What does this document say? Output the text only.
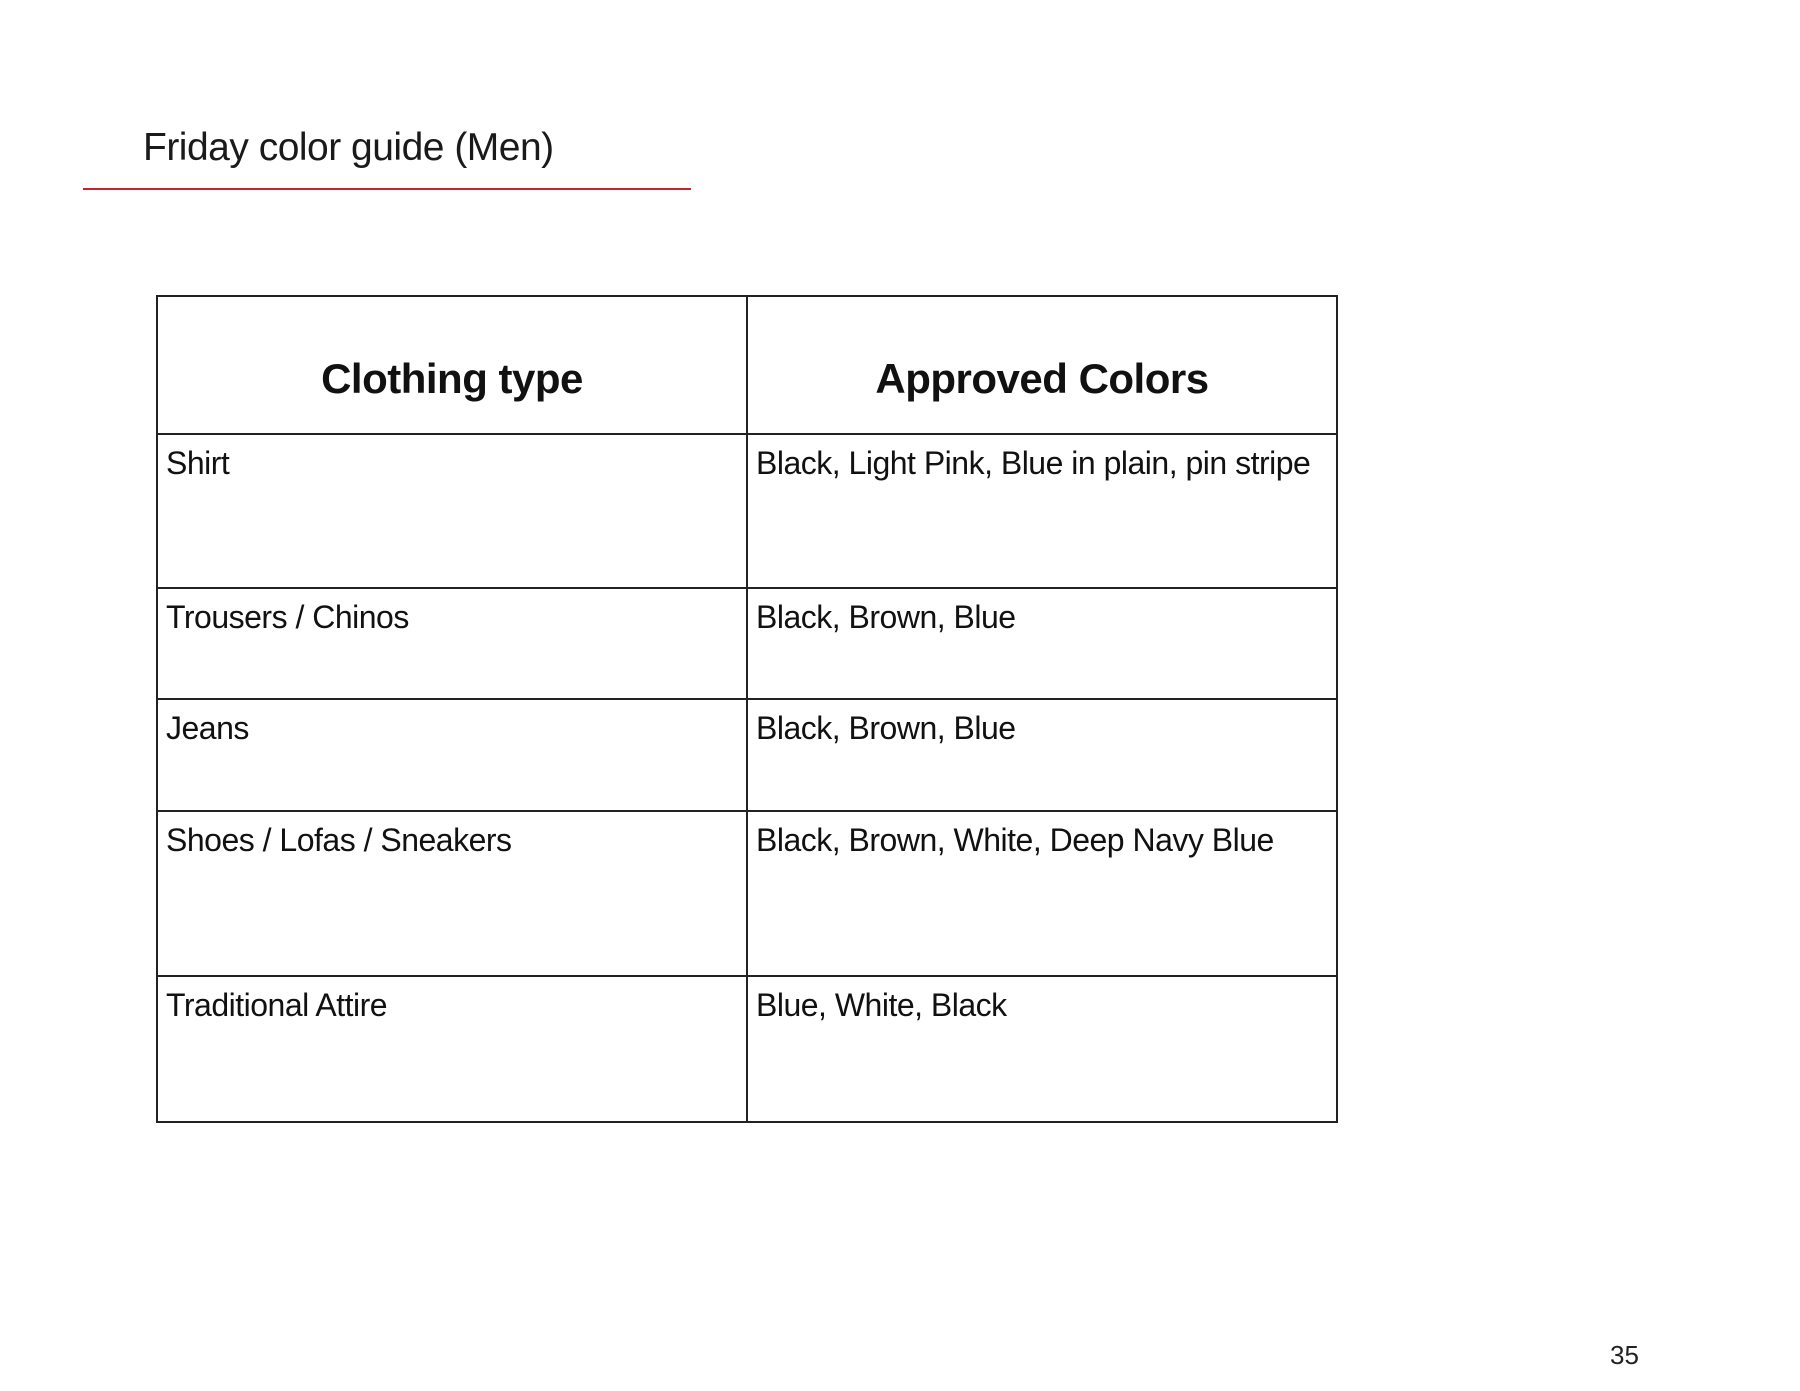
Friday color guide (Men)
Clothing type	Approved Colors
Shirt	Black, Light Pink, Blue in plain, pin stripe
Trousers / Chinos	Black, Brown, Blue
Jeans	Black, Brown, Blue
Shoes / Lofas / Sneakers	Black, Brown, White, Deep Navy Blue
Traditional Attire	Blue, White, Black
35
